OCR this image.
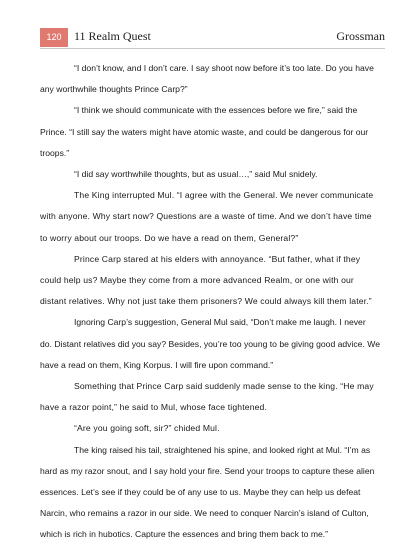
120	11 Realm Quest	Grossman

“I don’t know, and I don’t care. I say shoot now before it’s too late. Do you have any worthwhile thoughts Prince Carp?”

“I think we should communicate with the essences before we fire,” said the Prince. “I still say the waters might have atomic waste, and could be dangerous for our troops.”

“I did say worthwhile thoughts, but as usual…,” said Mul snidely.

The King interrupted Mul. “I agree with the General. We never communicate with anyone. Why start now? Questions are a waste of time. And we don’t have time to worry about our troops. Do we have a read on them, General?”

Prince Carp stared at his elders with annoyance. “But father, what if they could help us? Maybe they come from a more advanced Realm, or one with our distant relatives. Why not just take them prisoners? We could always kill them later.”

Ignoring Carp’s suggestion, General Mul said, “Don’t make me laugh. I never do. Distant relatives did you say? Besides, you’re too young to be giving good advice. We have a read on them, King Korpus. I will fire upon command.”

Something that Prince Carp said suddenly made sense to the king. “He may have a razor point,” he said to Mul, whose face tightened.

“Are you going soft, sir?” chided Mul.

The king raised his tail, straightened his spine, and looked right at Mul. “I’m as hard as my razor snout, and I say hold your fire. Send your troops to capture these alien essences. Let’s see if they could be of any use to us. Maybe they can help us defeat Narcin, who remains a razor in our side. We need to conquer Narcin’s island of Culton, which is rich in hubotics. Capture the essences and bring them back to me.”
